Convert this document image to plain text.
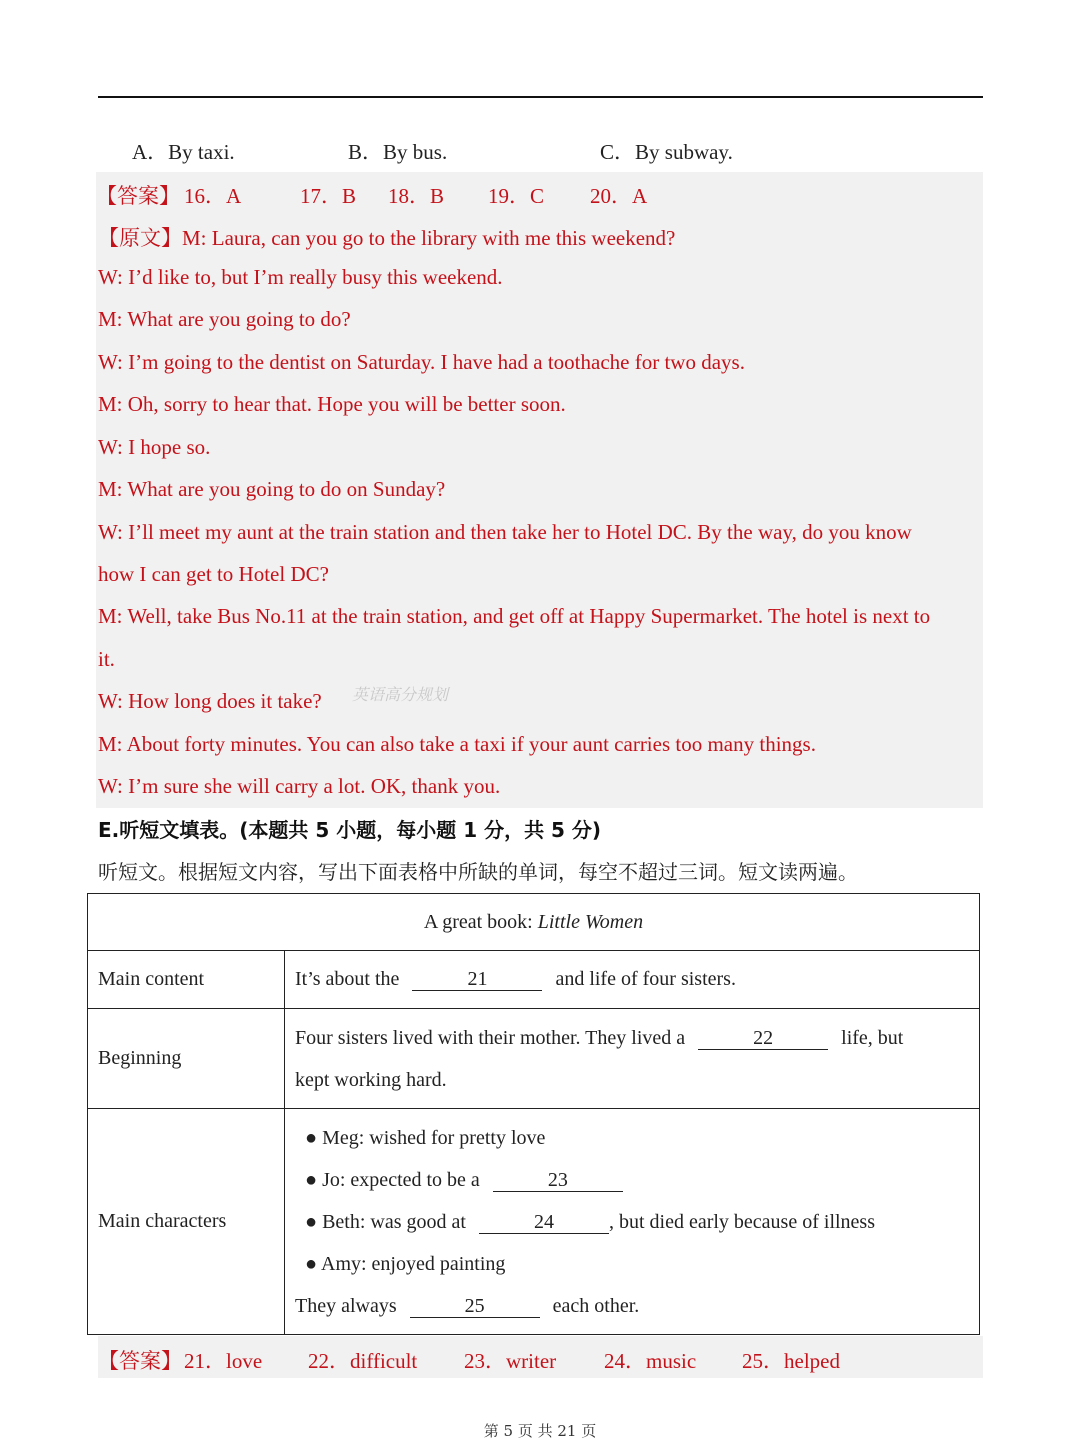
A．By taxi.	B．By bus.	C．By subway.
【答案】 16．A	17．B 18．B 19．C 20．A
【原文】M: Laura, can you go to the library with me this weekend?
W: I’d like to, but I’m really busy this weekend.
M: What are you going to do?
W: I’m going to the dentist on Saturday. I have had a toothache for two days.
M: Oh, sorry to hear that. Hope you will be better soon.
W: I hope so.
M: What are you going to do on Sunday?
W: I’ll meet my aunt at the train station and then take her to Hotel DC. By the way, do you know
how I can get to Hotel DC?
M: Well, take Bus No.11 at the train station, and get off at Happy Supermarket. The hotel is next to
it.
W: How long does it take?
M: About forty minutes. You can also take a taxi if your aunt carries too many things.
W: I’m sure she will carry a lot. OK, thank you.
英语高分规划
E.听短文填表。(本题共 5 小题，每小题 1 分，共 5 分)
听短文。根据短文内容，写出下面表格中所缺的单词，每空不超过三词。短文读两遍。
A great book: Little Women	
Main content	It’s about the 21 and life of four sisters.
Beginning	Four sisters lived with their mother. They lived a 22 life, but
kept working hard.

Main characters	● Meg: wished for pretty love
● Jo: expected to be a 23
● Beth: was good at 24 , but died early because of illness
● Amy: enjoyed painting
They always 25 each other.
【答案】 21．love 22．difficult 23．writer 24．music 25．helped
第 5 页 共 21 页
